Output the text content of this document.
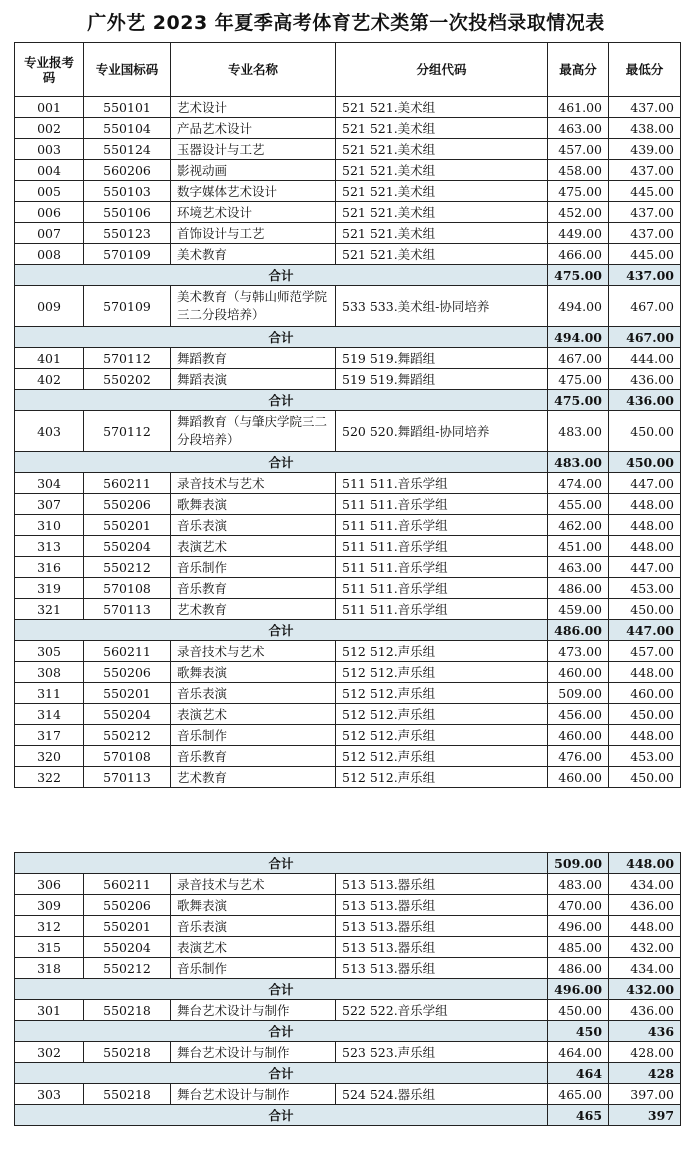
广外艺 2023 年夏季高考体育艺术类第一次投档录取情况表
专业报考码	专业国标码	专业名称	分组代码	最高分	最低分
001	550101	艺术设计	521 521.美术组	461.00	437.00
002	550104	产品艺术设计	521 521.美术组	463.00	438.00
003	550124	玉器设计与工艺	521 521.美术组	457.00	439.00
004	560206	影视动画	521 521.美术组	458.00	437.00
005	550103	数字媒体艺术设计	521 521.美术组	475.00	445.00
006	550106	环境艺术设计	521 521.美术组	452.00	437.00
007	550123	首饰设计与工艺	521 521.美术组	449.00	437.00
008	570109	美术教育	521 521.美术组	466.00	445.00
合计				475.00	437.00
009	570109	美术教育（与韩山师范学院三二分段培养）	533 533.美术组-协同培养	494.00	467.00
合计				494.00	467.00
401	570112	舞蹈教育	519 519.舞蹈组	467.00	444.00
402	550202	舞蹈表演	519 519.舞蹈组	475.00	436.00
合计				475.00	436.00
403	570112	舞蹈教育（与肇庆学院三二分段培养）	520 520.舞蹈组-协同培养	483.00	450.00
合计				483.00	450.00
304	560211	录音技术与艺术	511 511.音乐学组	474.00	447.00
307	550206	歌舞表演	511 511.音乐学组	455.00	448.00
310	550201	音乐表演	511 511.音乐学组	462.00	448.00
313	550204	表演艺术	511 511.音乐学组	451.00	448.00
316	550212	音乐制作	511 511.音乐学组	463.00	447.00
319	570108	音乐教育	511 511.音乐学组	486.00	453.00
321	570113	艺术教育	511 511.音乐学组	459.00	450.00
合计				486.00	447.00
305	560211	录音技术与艺术	512 512.声乐组	473.00	457.00
308	550206	歌舞表演	512 512.声乐组	460.00	448.00
311	550201	音乐表演	512 512.声乐组	509.00	460.00
314	550204	表演艺术	512 512.声乐组	456.00	450.00
317	550212	音乐制作	512 512.声乐组	460.00	448.00
320	570108	音乐教育	512 512.声乐组	476.00	453.00
322	570113	艺术教育	512 512.声乐组	460.00	450.00
合计				509.00	448.00
306	560211	录音技术与艺术	513 513.器乐组	483.00	434.00
309	550206	歌舞表演	513 513.器乐组	470.00	436.00
312	550201	音乐表演	513 513.器乐组	496.00	448.00
315	550204	表演艺术	513 513.器乐组	485.00	432.00
318	550212	音乐制作	513 513.器乐组	486.00	434.00
合计				496.00	432.00
301	550218	舞台艺术设计与制作	522 522.音乐学组	450.00	436.00
合计				450	436
302	550218	舞台艺术设计与制作	523 523.声乐组	464.00	428.00
合计				464	428
303	550218	舞台艺术设计与制作	524 524.器乐组	465.00	397.00
合计				465	397
